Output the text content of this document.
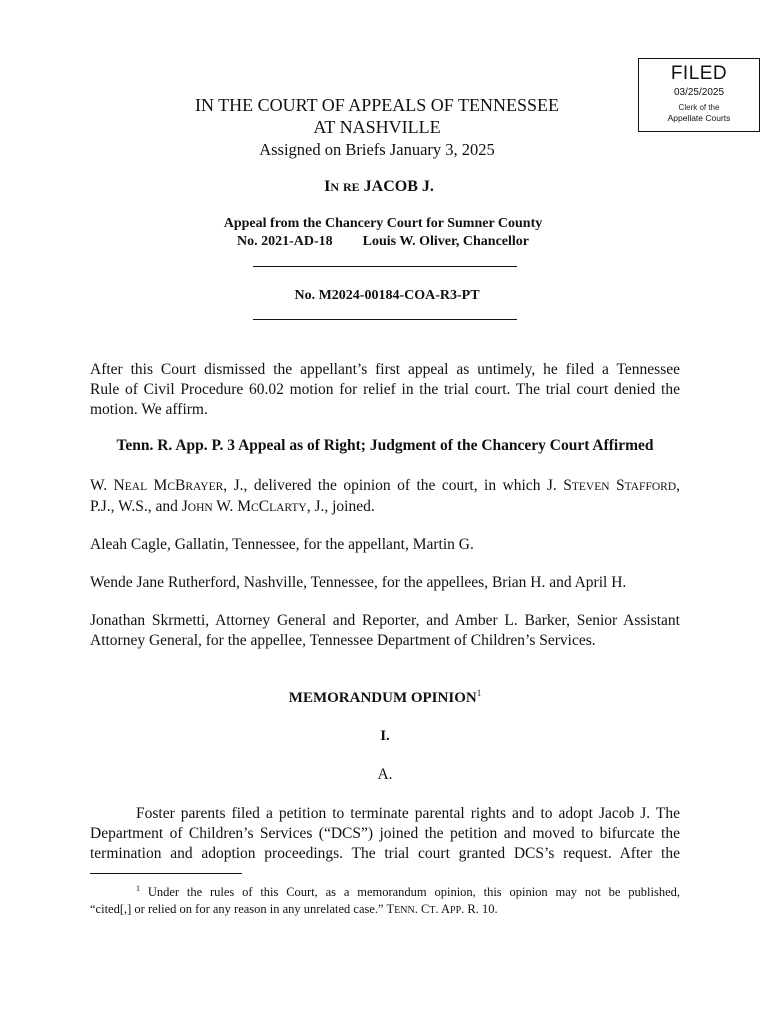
FILED
03/25/2025
Clerk of the
Appellate Courts
IN THE COURT OF APPEALS OF TENNESSEE
AT NASHVILLE
Assigned on Briefs January 3, 2025
IN RE JACOB J.
Appeal from the Chancery Court for Sumner County
No. 2021-AD-18 Louis W. Oliver, Chancellor
No. M2024-00184-COA-R3-PT
After this Court dismissed the appellant’s first appeal as untimely, he filed a Tennessee
Rule of Civil Procedure 60.02 motion for relief in the trial court. The trial court denied the
motion. We affirm.
Tenn. R. App. P. 3 Appeal as of Right; Judgment of the Chancery Court Affirmed
W. NEAL MCBRAYER, J., delivered the opinion of the court, in which J. STEVEN STAFFORD,
P.J., W.S., and JOHN W. MCCLARTY, J., joined.
Aleah Cagle, Gallatin, Tennessee, for the appellant, Martin G.
Wende Jane Rutherford, Nashville, Tennessee, for the appellees, Brian H. and April H.
Jonathan Skrmetti, Attorney General and Reporter, and Amber L. Barker, Senior Assistant
Attorney General, for the appellee, Tennessee Department of Children’s Services.
MEMORANDUM OPINION$^1$
I.
A.
Foster parents filed a petition to terminate parental rights and to adopt Jacob J. The
Department of Children’s Services (“DCS”) joined the petition and moved to bifurcate the
termination and adoption proceedings. The trial court granted DCS’s request. After the
$^1$ Under the rules of this Court, as a memorandum opinion, this opinion may not be published,
“cited[,] or relied on for any reason in any unrelated case.” TENN. CT. APP. R. 10.
